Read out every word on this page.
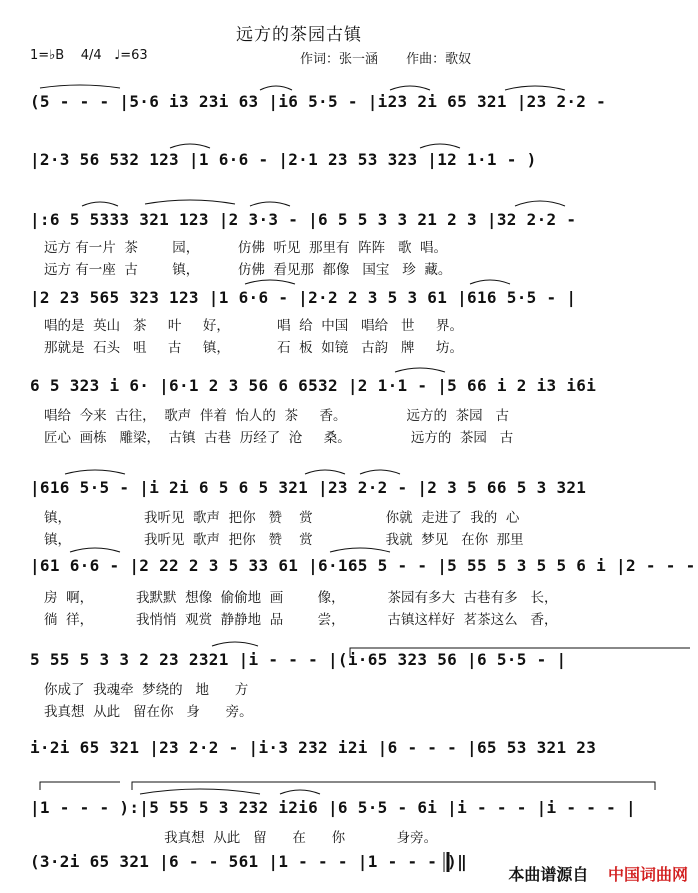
远方的茶园古镇
1=♭B 4/4 ♩=63	作词：张一涵 作曲：歌奴
(5 - - - |5·6 i3 23i 63 |i6 5·5 - |i23 2i 65 321 |23 2·2 -
|2·3 56 532 123 |1 6·6 - |2·1 23 53 323 |12 1·1 - )
|:6 5 5333 321 123 |2 3·3 - |6 5 5 3 3 21 2 3 |32 2·2 -
远方 有一片  茶        园，         仿佛  听见  那里有  阵阵   歌  唱。
远方 有一座  古        镇，         仿佛  看见那  都像   国宝   珍  藏。
|2 23 565 323 123 |1 6·6 - |2·2 2 3 5 3 61 |616 5·5 - |
唱的是  英山   茶     叶     好，           唱  给  中国   唱给   世     界。
那就是  石头   咀     古     镇，           石  板  如镜   古韵   牌     坊。
6 5 323 i 6· |6·1 2 3 56 6 6532 |2 1·1 - |5 66 i 2 i3 i6i
唱给  今来  古往，  歌声  伴着  怡人的  茶     香。              远方的  茶园   古
匠心  画栋   雕梁，  古镇  古巷  历经了  沧     桑。              远方的  茶园   古
|616 5·5 - |i 2i 6 5 6 5 321 |23 2·2 - |2 3 5 66 5 3 321
镇，                 我听见  歌声  把你   赞    赏                 你就  走进了  我的  心
镇，                 我听见  歌声  把你   赞    赏                 我就  梦见   在你  那里
|61 6·6 - |2 22 2 3 5 33 61 |6·165 5 - - |5 55 5 3 5 5 6 i |2 - - -
房  啊，          我默默  想像  偷偷地  画        像，          茶园有多大  古巷有多   长，
徜  徉，          我悄悄  观赏  静静地  品        尝，          古镇这样好  茗茶这么   香，
5 55 5 3 3 2 23 2321 |i - - - |(i·65 323 56 |6 5·5 - |
你成了  我魂牵  梦绕的   地      方
我真想  从此   留在你   身      旁。
i·2i 65 321 |23 2·2 - |i·3 232 i2i |6 - - - |65 53 321 23
|1 - - - ):|5 55 5 3 232 i2i6 |6 5·5 - 6i |i - - - |i - - - |
我真想  从此   留      在      你            身旁。
(3·2i 65 321 |6 - - 561 |1 - - - |1 - - - )‖
本曲谱源自 中国词曲网
